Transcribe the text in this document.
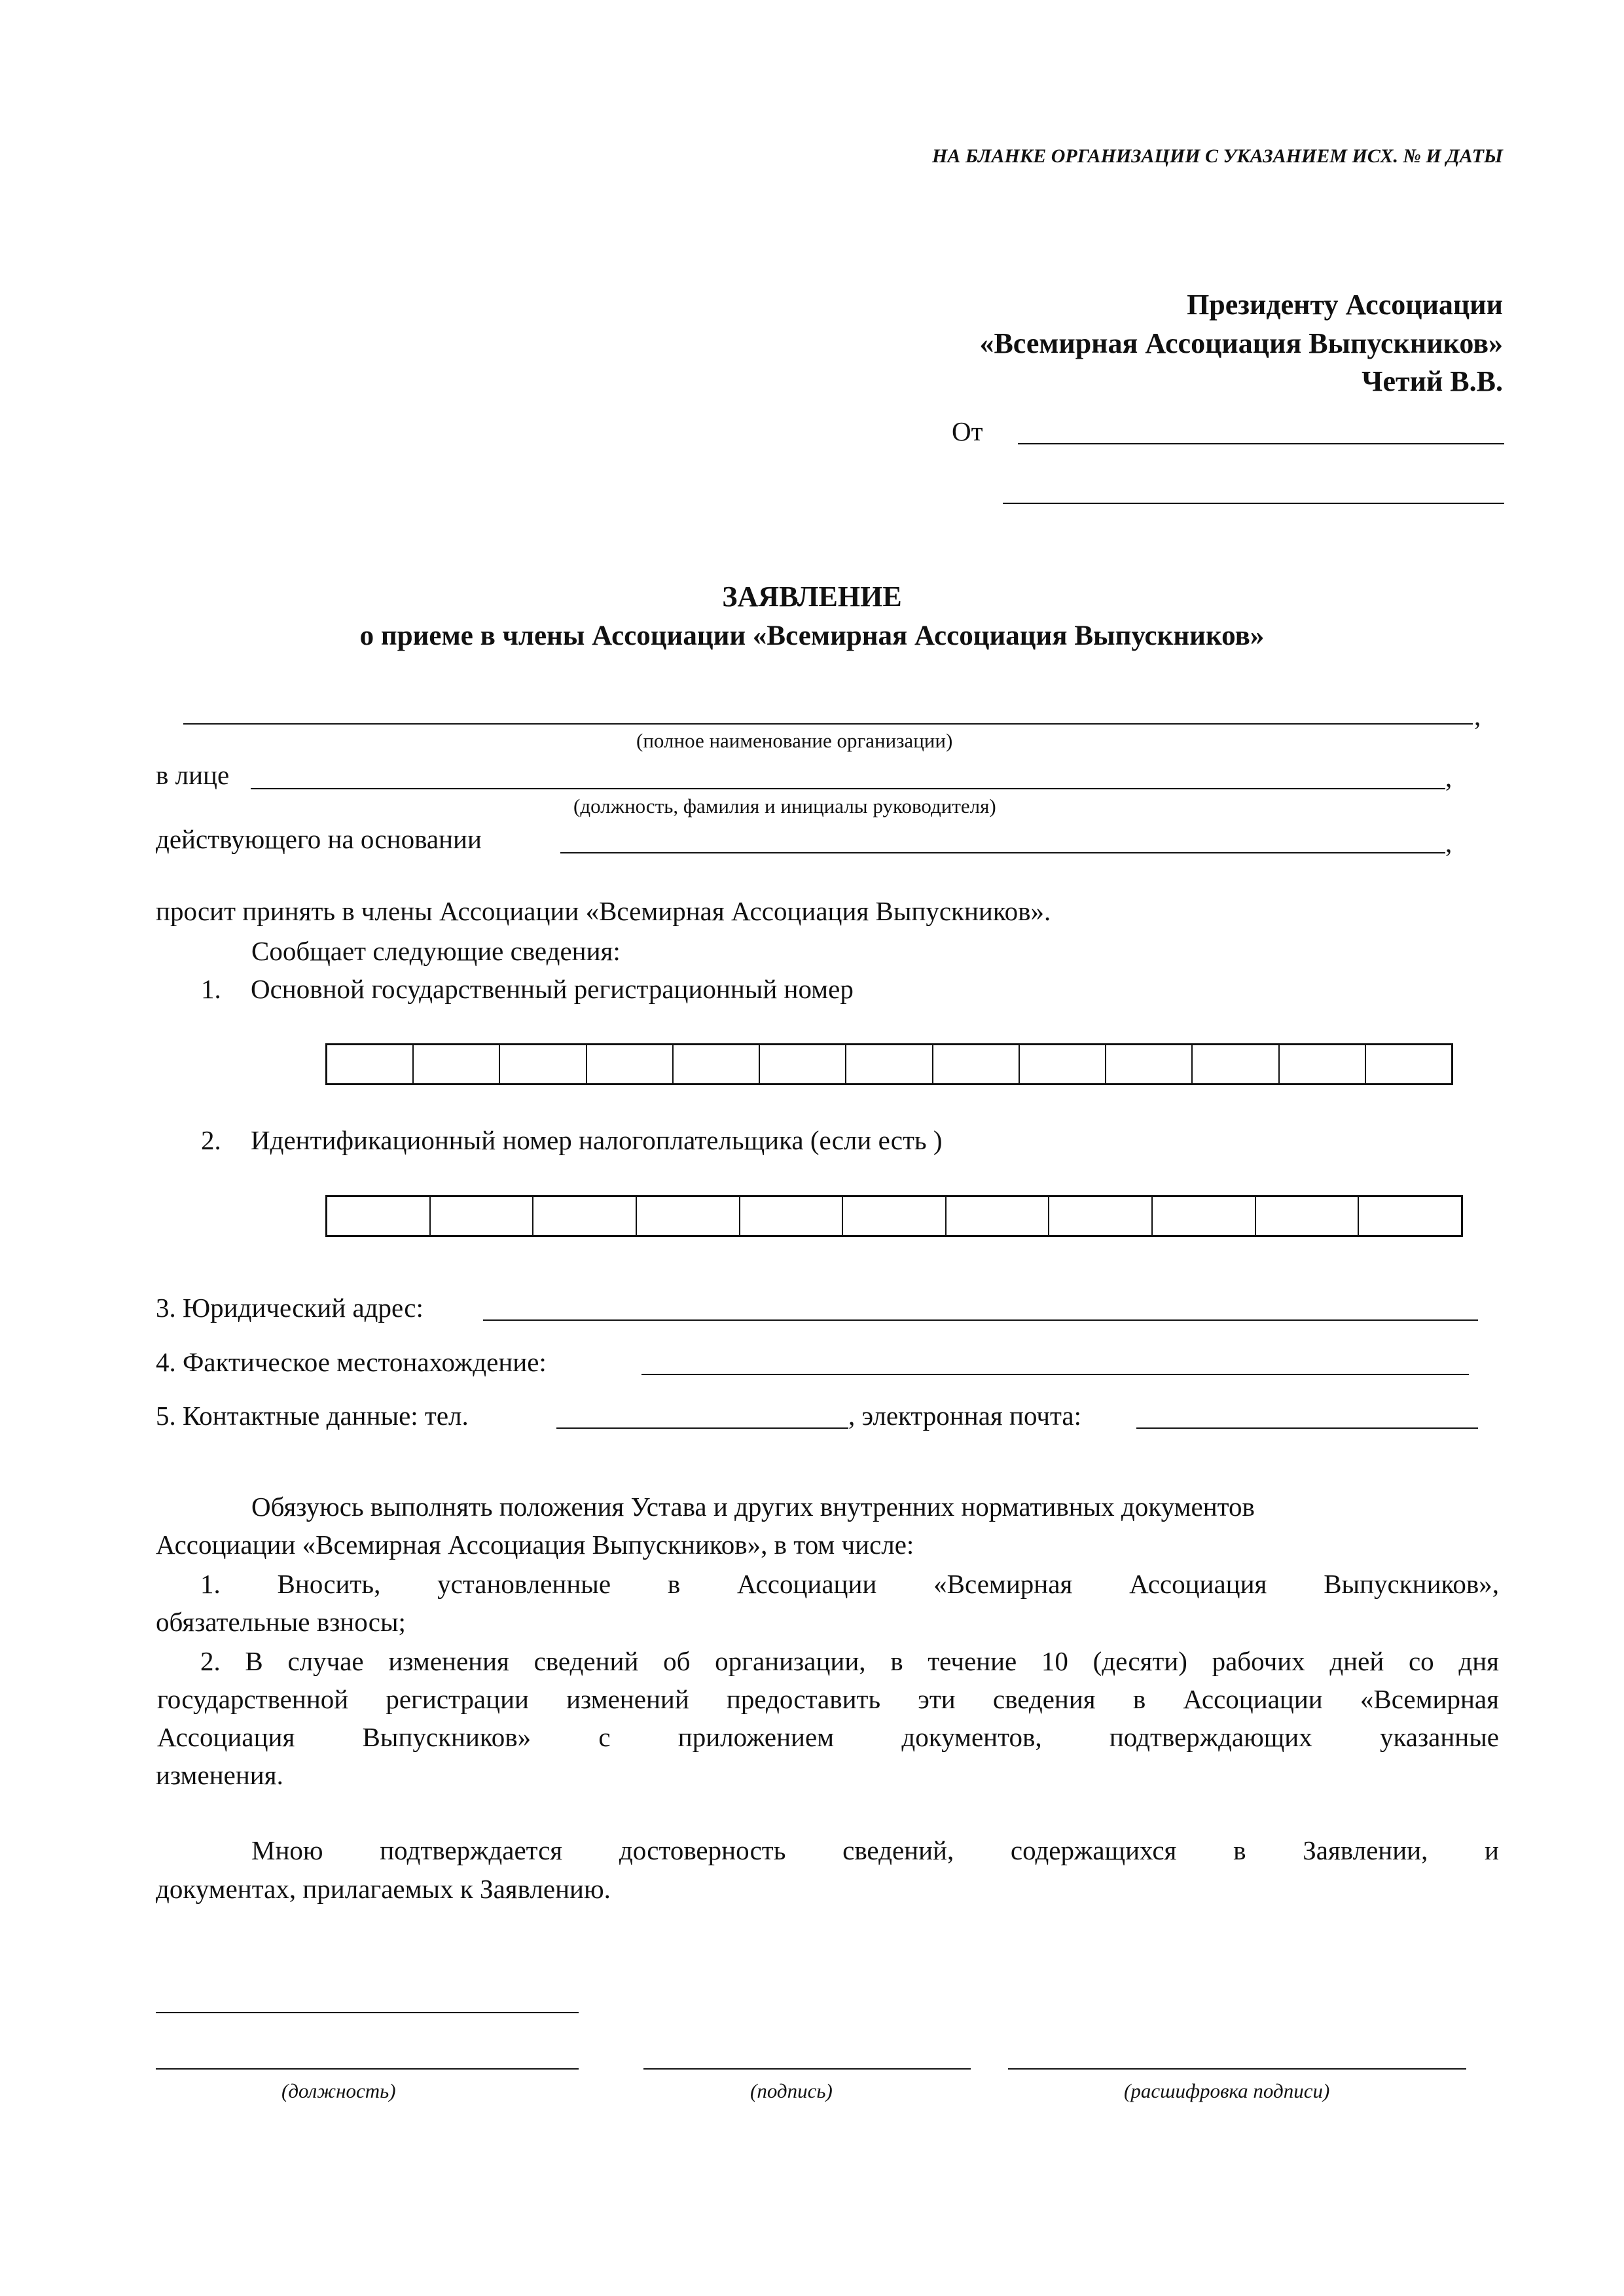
НА БЛАНКЕ ОРГАНИЗАЦИИ С УКАЗАНИЕМ ИСХ. № И ДАТЫ
Президенту Ассоциации
«Всемирная Ассоциация Выпускников»
Четий В.В.
От
ЗАЯВЛЕНИЕ
о приеме в члены Ассоциации «Всемирная Ассоциация Выпускников»
,
(полное наименование организации)
в лице	,
(должность, фамилия и инициалы руководителя)
действующего на основании	,
просит принять в члены Ассоциации «Всемирная Ассоциация Выпускников».
Сообщает следующие сведения:
1. Основной государственный регистрационный номер
2. Идентификационный номер налогоплательщика (если есть )
3. Юридический адрес:
4. Фактическое местонахождение:
5. Контактные данные: тел.	, электронная почта:
Обязуюсь выполнять положения Устава и других внутренних нормативных документов
Ассоциации «Всемирная Ассоциация Выпускников», в том числе:
1. Вносить, установленные в Ассоциации «Всемирная Ассоциация Выпускников»,
обязательные взносы;
2. В случае изменения сведений об организации, в течение 10 (десяти) рабочих дней со дня
государственной регистрации изменений предоставить эти сведения в Ассоциации «Всемирная
Ассоциация Выпускников» с приложением документов, подтверждающих указанные
изменения.
Мною подтверждается достоверность сведений, содержащихся в Заявлении, и
документах, прилагаемых к Заявлению.
(должность)	(подпись)	(расшифровка подписи)
